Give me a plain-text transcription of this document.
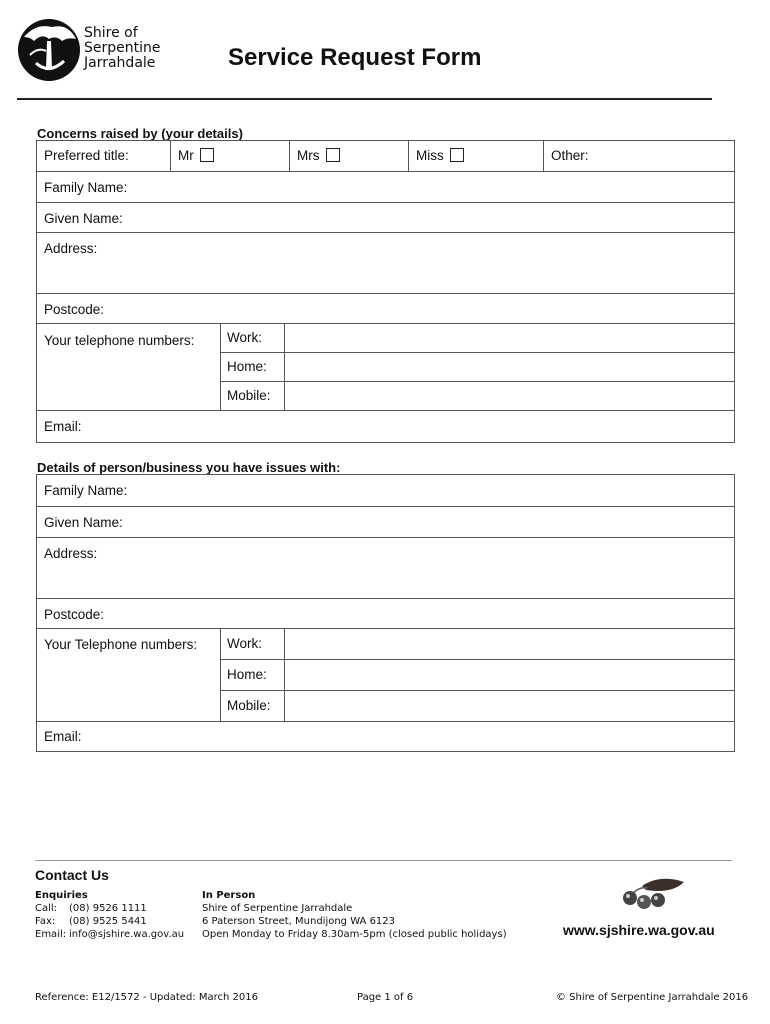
Shire of
Serpentine
Jarrahdale	Service Request Form
Concerns raised by (your details)
Preferred title:	Mr	Mrs	Miss	Other:
Family Name:
Given Name:
Address:
Postcode:
Your telephone numbers:	Work:
Home:
Mobile:
Email:
Details of person/business you have issues with:
Family Name:
Given Name:
Address:
Postcode:
Your Telephone numbers:	Work:
Home:
Mobile:
Email:
Contact Us
Enquiries
Call:	(08) 9526 1111
Fax:	(08) 9525 5441
Email: info@sjshire.wa.gov.au
In Person
Shire of Serpentine Jarrahdale
6 Paterson Street, Mundijong WA 6123
Open Monday to Friday 8.30am-5pm (closed public holidays)	www.sjshire.wa.gov.au
Reference: E12/1572 - Updated: March 2016	Page 1 of 6	© Shire of Serpentine Jarrahdale 2016
